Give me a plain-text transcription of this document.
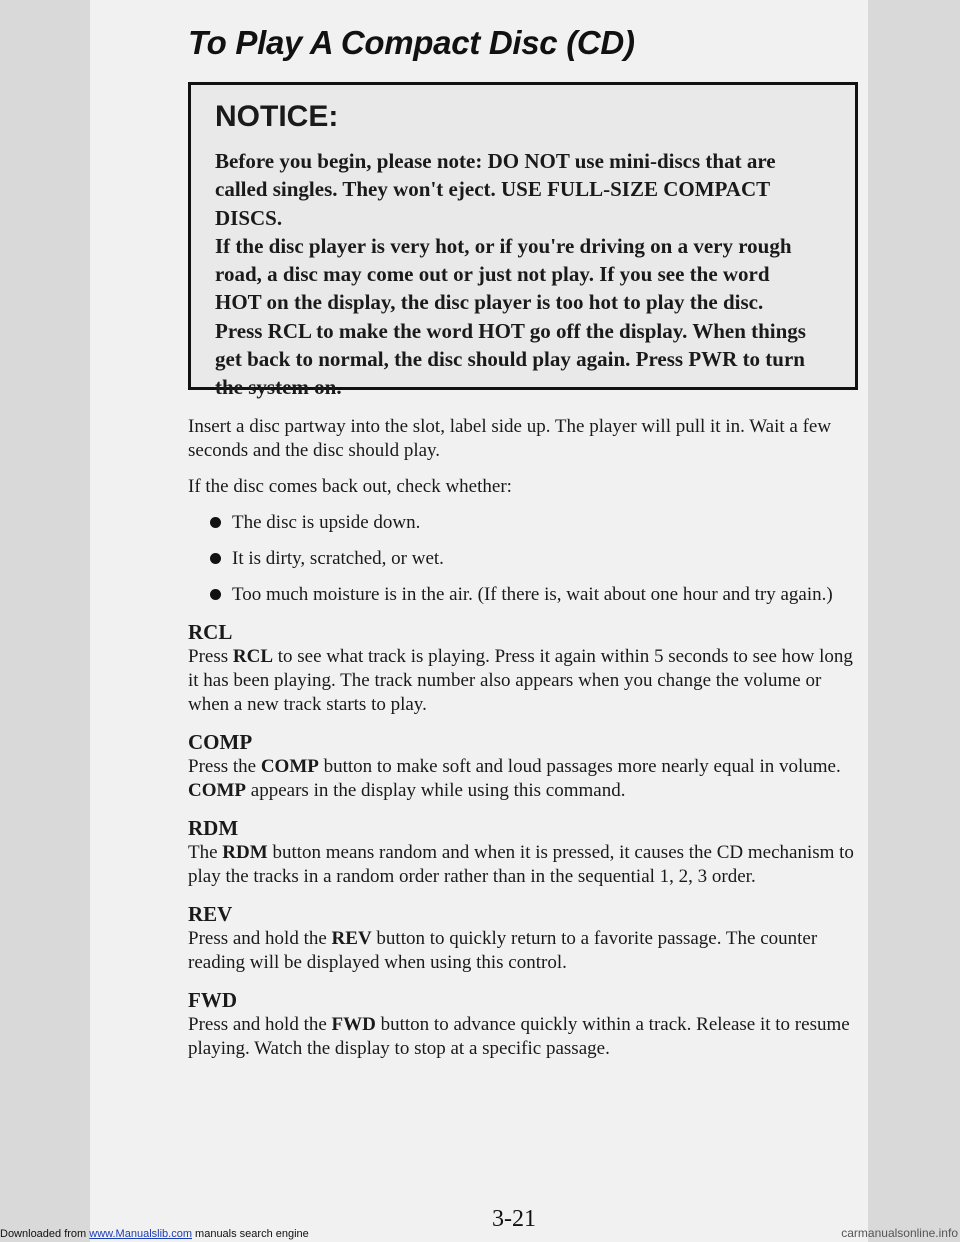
To Play A Compact Disc (CD)
NOTICE:

Before you begin, please note: DO NOT use mini-discs that are called singles. They won't eject. USE FULL-SIZE COMPACT DISCS.

If the disc player is very hot, or if you're driving on a very rough road, a disc may come out or just not play. If you see the word HOT on the display, the disc player is too hot to play the disc. Press RCL to make the word HOT go off the display. When things get back to normal, the disc should play again. Press PWR to turn the system on.

Insert a disc partway into the slot, label side up. The player will pull it in. Wait a few seconds and the disc should play.

If the disc comes back out, check whether:

The disc is upside down.
It is dirty, scratched, or wet.
Too much moisture is in the air. (If there is, wait about one hour and try again.)
RCL

Press RCL to see what track is playing. Press it again within 5 seconds to see how long it has been playing. The track number also appears when you change the volume or when a new track starts to play.

COMP

Press the COMP button to make soft and loud passages more nearly equal in volume. COMP appears in the display while using this command.

RDM

The RDM button means random and when it is pressed, it causes the CD mechanism to play the tracks in a random order rather than in the sequential 1, 2, 3 order.

REV

Press and hold the REV button to quickly return to a favorite passage. The counter reading will be displayed when using this control.

FWD

Press and hold the FWD button to advance quickly within a track. Release it to resume playing. Watch the display to stop at a specific passage.

3-21
Downloaded from www.Manualslib.com manuals search engine	carmanualsonline.info
